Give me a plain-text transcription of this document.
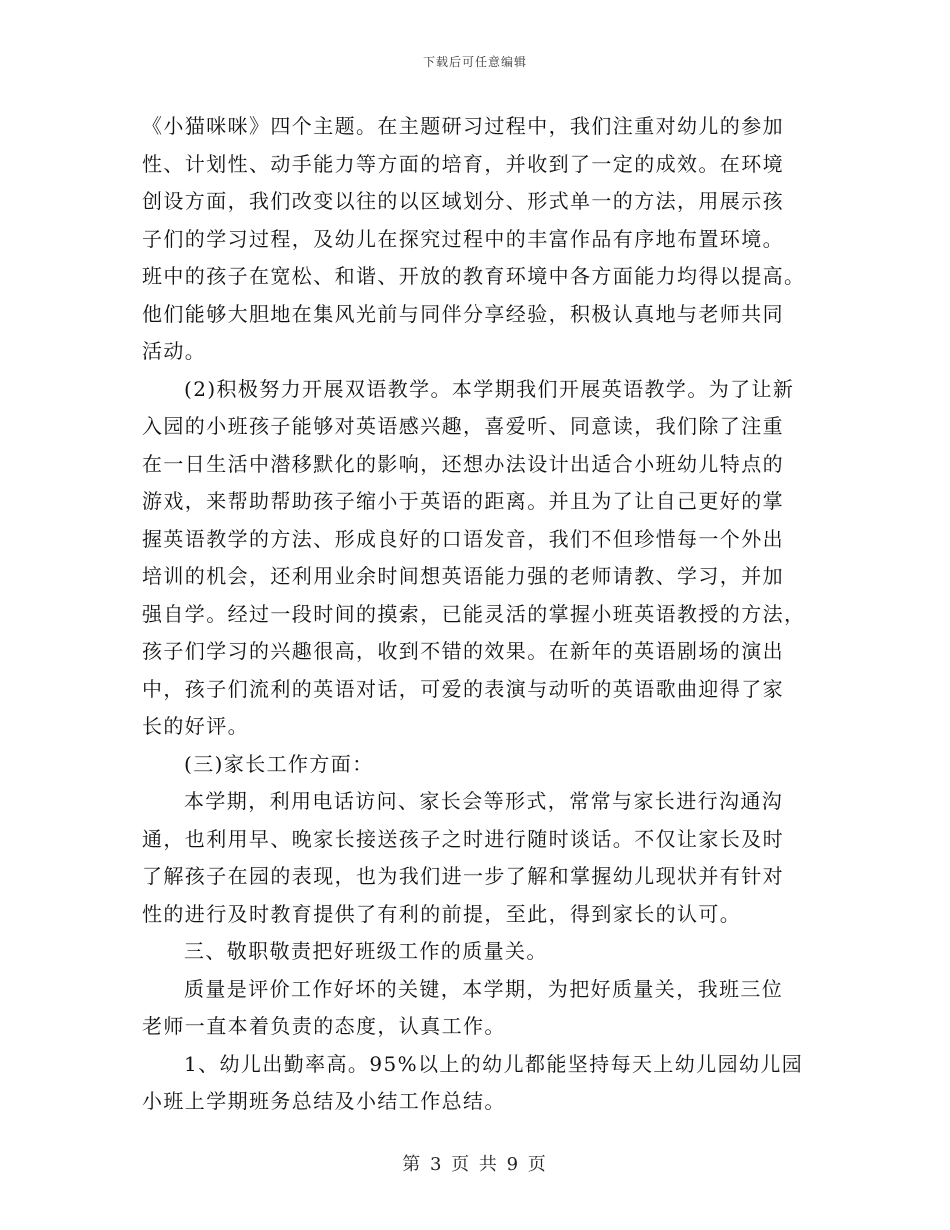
下载后可任意编辑
《小猫咪咪》四个主题。在主题研习过程中，我们注重对幼儿的参加
性、计划性、动手能力等方面的培育，并收到了一定的成效。在环境
创设方面，我们改变以往的以区域划分、形式单一的方法，用展示孩
子们的学习过程，及幼儿在探究过程中的丰富作品有序地布置环境。
班中的孩子在宽松、和谐、开放的教育环境中各方面能力均得以提高。
他们能够大胆地在集风光前与同伴分享经验，积极认真地与老师共同
活动。
(2)积极努力开展双语教学。本学期我们开展英语教学。为了让新
入园的小班孩子能够对英语感兴趣，喜爱听、同意读，我们除了注重
在一日生活中潜移默化的影响，还想办法设计出适合小班幼儿特点的
游戏，来帮助帮助孩子缩小于英语的距离。并且为了让自己更好的掌
握英语教学的方法、形成良好的口语发音，我们不但珍惜每一个外出
培训的机会，还利用业余时间想英语能力强的老师请教、学习，并加
强自学。经过一段时间的摸索，已能灵活的掌握小班英语教授的方法，
孩子们学习的兴趣很高，收到不错的效果。在新年的英语剧场的演出
中，孩子们流利的英语对话，可爱的表演与动听的英语歌曲迎得了家
长的好评。
(三)家长工作方面：
本学期，利用电话访问、家长会等形式，常常与家长进行沟通沟
通，也利用早、晚家长接送孩子之时进行随时谈话。不仅让家长及时
了解孩子在园的表现，也为我们进一步了解和掌握幼儿现状并有针对
性的进行及时教育提供了有利的前提，至此，得到家长的认可。
三、敬职敬责把好班级工作的质量关。
质量是评价工作好坏的关键，本学期，为把好质量关，我班三位
老师一直本着负责的态度，认真工作。
1、幼儿出勤率高。95%以上的幼儿都能坚持每天上幼儿园幼儿园
小班上学期班务总结及小结工作总结。
第 3 页 共 9 页
